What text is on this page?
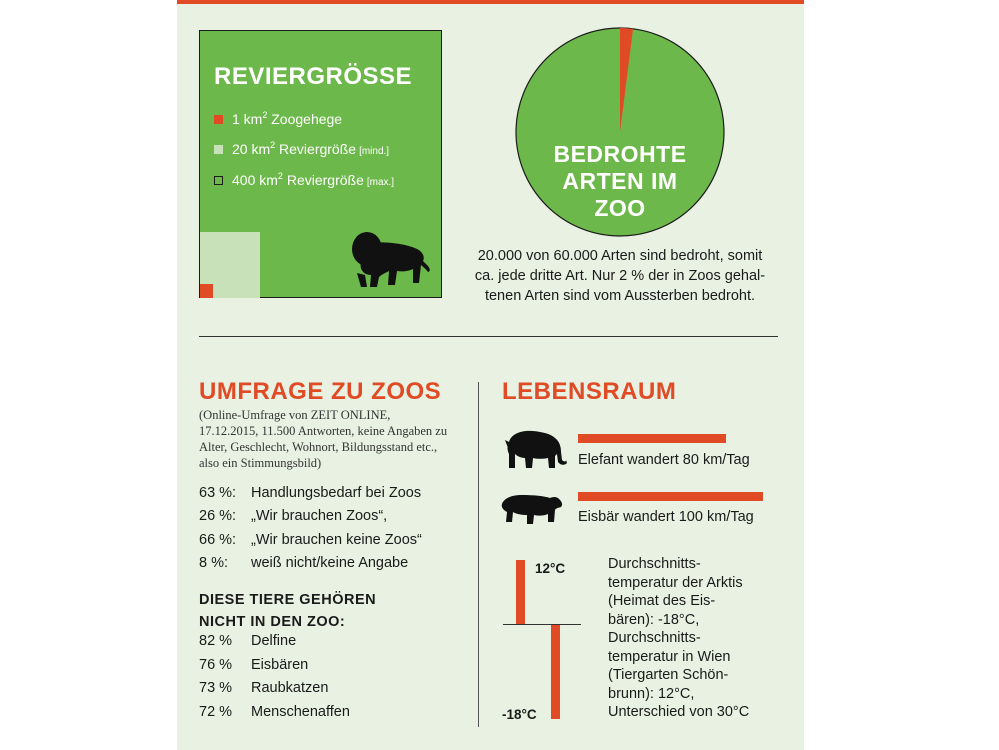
REVIERGRÖSSE
1 $km^2$ Zoogehege
20 $km^2$ Reviergröße [mind.]
400 $km^2$ Reviergröße [max.]
BEDROHTE
ARTEN IM
ZOO
20.000 von 60.000 Arten sind bedroht, somit
ca. jede dritte Art. Nur 2 % der in Zoos gehal-
tenen Arten sind vom Aussterben bedroht.
UMFRAGE ZU ZOOS
(Online-Umfrage von ZEIT ONLINE,
17.12.2015, 11.500 Antworten, keine Angaben zu
Alter, Geschlecht, Wohnort, Bildungsstand etc.,
also ein Stimmungsbild)
63 %: Handlungsbedarf bei Zoos
26 %: „Wir brauchen Zoos“,
66 %: „Wir brauchen keine Zoos“
8 %: weiß nicht/keine Angabe
DIESE TIERE GEHÖREN
NICHT IN DEN ZOO:
82 % Delfine
76 % Eisbären
73 % Raubkatzen
72 % Menschenaffen
LEBENSRAUM
Elefant wandert 80 km/Tag
Eisbär wandert 100 km/Tag
12°C
-18°C
Durchschnitts-
temperatur der Arktis
(Heimat des Eis-
bären): -18°C,
Durchschnitts-
temperatur in Wien
(Tiergarten Schön-
brunn): 12°C,
Unterschied von 30°C
